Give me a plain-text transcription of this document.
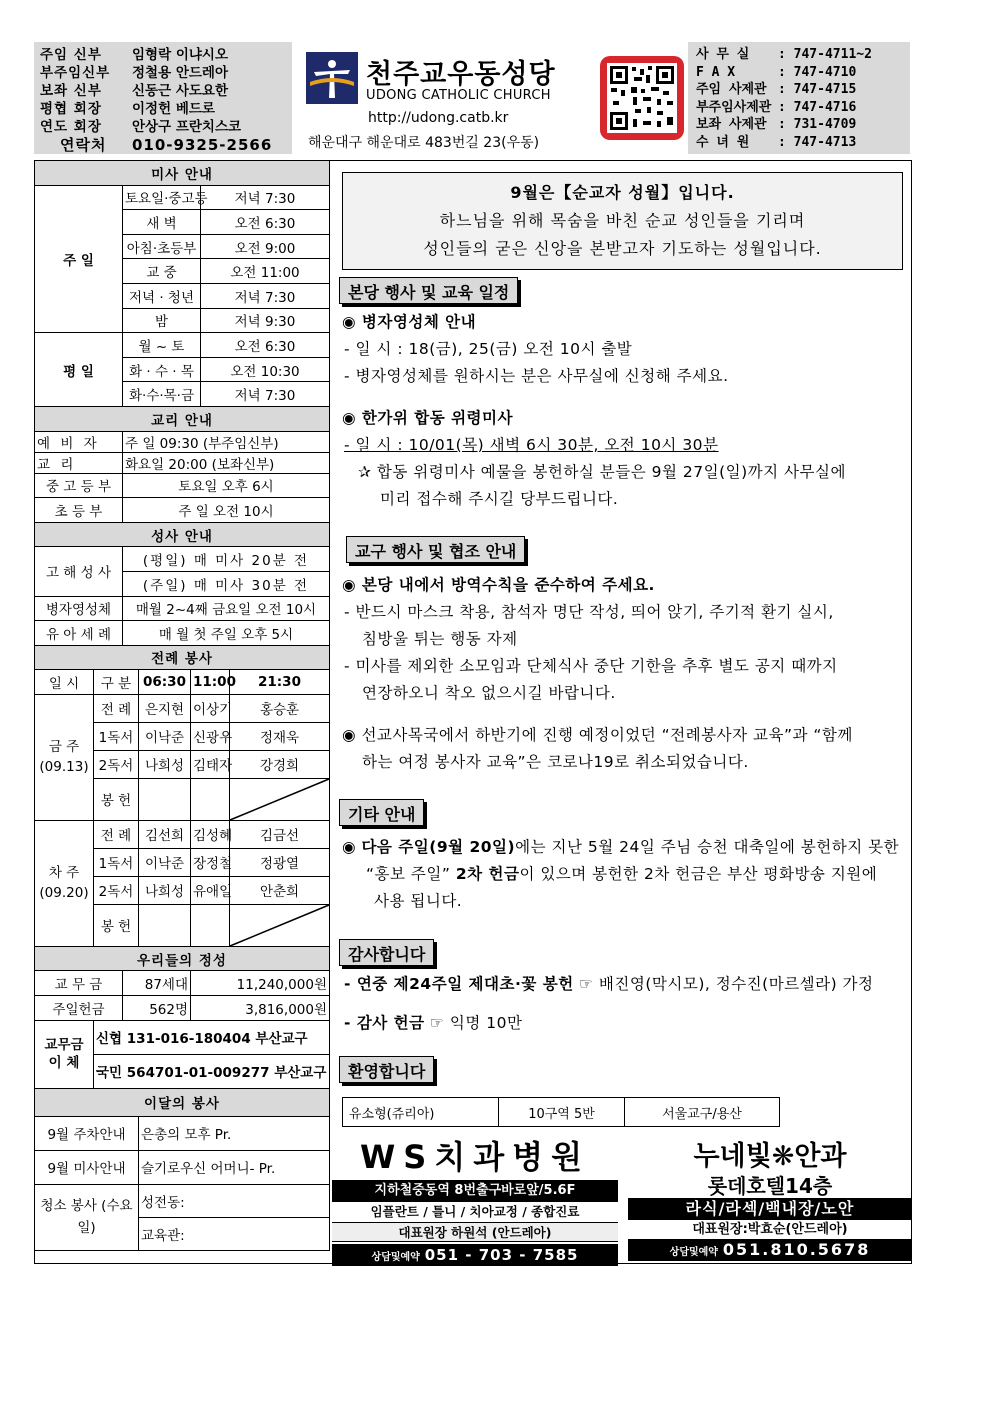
주임 신부	임형락 이냐시오
부주임신부	정철용 안드레아
보좌 신부	신동근 사도요한
평협 회장	이정헌 베드로
연도 회장	안상구 프란치스코
연락처	010-9325-2566
천주교우동성당
UDONG CATHOLIC CHURCH
http://udong.catb.kr
해운대구 해운대로 483번길 23(우동)
사 무 실	: 747-4711~2
F A X	: 747-4710
주임 사제관 : 747-4715
부주임사제관 : 747-4716
보좌 사제관 : 731-4709
수 녀 원	: 747-4713
미사 안내						
주 일		토요일·중고등			저녁 7:30	
		새 벽			오전 6:30	
		아침·초등부			오전 9:00	
		교 중			오전 11:00	
		저녁 · 청년			저녁 7:30	
		밤			저녁 9:30	
평 일		월 ~ 토			오전 6:30	
		화 · 수 · 목			오전 10:30	
		화·수·목·금			저녁 7:30	
교리 안내						
예 비 자		주 일 09:30 (부주임신부)				
교 리		화요일 20:00 (보좌신부)				
중 고 등 부		토요일 오후 6시				
초 등 부		주 일 오전 10시				
성사 안내						
고 해 성 사		(평일) 매 미사 20분 전				
		(주일) 매 미사 30분 전				
병자영성체		매월 2~4째 금요일 오전 10시				
유 아 세 례		매 월 첫 주일 오후 5시				
전례 봉사						
일 시	구 분		06:30	11:00		21:30
금 주
(09.13)	전 례		은지현	이상기		홍승훈
	1독서		이낙준	신광우		정재욱
	2독서		나희성	김태자		강경희
	봉 헌			

차 주
(09.20)	전 례		김선희	김성혜		김금선
	1독서		이낙준	장정철		정광열
	2독서		나희성	유애일		안춘희
	봉 헌			

우리들의 정성						
교 무 금		87세대		11,240,000원		
주일헌금		562명		3,816,000원		
교무금 이 체	신협 131-016-180404 부산교구					
	국민 564701-01-009277 부산교구					
이달의 봉사						
9월 주차안내			은총의 모후 Pr.			
9월 미사안내			슬기로우신 어머니- Pr.			
청소 봉사 (수요일)			성전동:			
			교육관:			
9월은【순교자 성월】입니다.
하느님을 위해 목숨을 바친 순교 성인들을 기리며
성인들의 굳은 신앙을 본받고자 기도하는 성월입니다.
본당 행사 및 교육 일정
◉ 병자영성체 안내
- 일 시 : 18(금), 25(금) 오전 10시 출발
- 병자영성체를 원하시는 분은 사무실에 신청해 주세요.
◉ 한가위 합동 위령미사
- 일 시 : 10/01(목) 새벽 6시 30분, 오전 10시 30분
✰ 합동 위령미사 예물을 봉헌하실 분들은 9월 27일(일)까지 사무실에
미리 접수해 주시길 당부드립니다.
교구 행사 및 협조 안내
◉ 본당 내에서 방역수칙을 준수하여 주세요.
- 반드시 마스크 착용, 참석자 명단 작성, 띄어 앉기, 주기적 환기 실시,
침방울 튀는 행동 자제
- 미사를 제외한 소모임과 단체식사 중단 기한을 추후 별도 공지 때까지
연장하오니 착오 없으시길 바랍니다.
◉ 선교사목국에서 하반기에 진행 예정이었던 “전례봉사자 교육”과 “함께
하는 여정 봉사자 교육”은 코로나19로 취소되었습니다.
기타 안내
◉ 다음 주일(9월 20일)에는 지난 5월 24일 주님 승천 대축일에 봉헌하지 못한
“홍보 주일” 2차 헌금이 있으며 봉헌한 2차 헌금은 부산 평화방송 지원에
사용 됩니다.
감사합니다
- 연중 제24주일 제대초·꽃 봉헌 ☞ 배진영(막시모), 정수진(마르셀라) 가정
- 감사 헌금 ☞ 익명 10만
환영합니다
유소형(쥬리아)	10구역 5반	서울교구/용산
WS치과병원
지하철중동역 8번출구바로앞/5.6F
임플란트 / 틀니 / 치아교정 / 종합진료
대표원장 하원석 (안드레아)
상담및예약 051 - 703 - 7585
누네빛❋안과
롯데호텔14층
라식/라섹/백내장/노안
대표원장:박효순(안드레아)
상담및예약 051.810.5678
